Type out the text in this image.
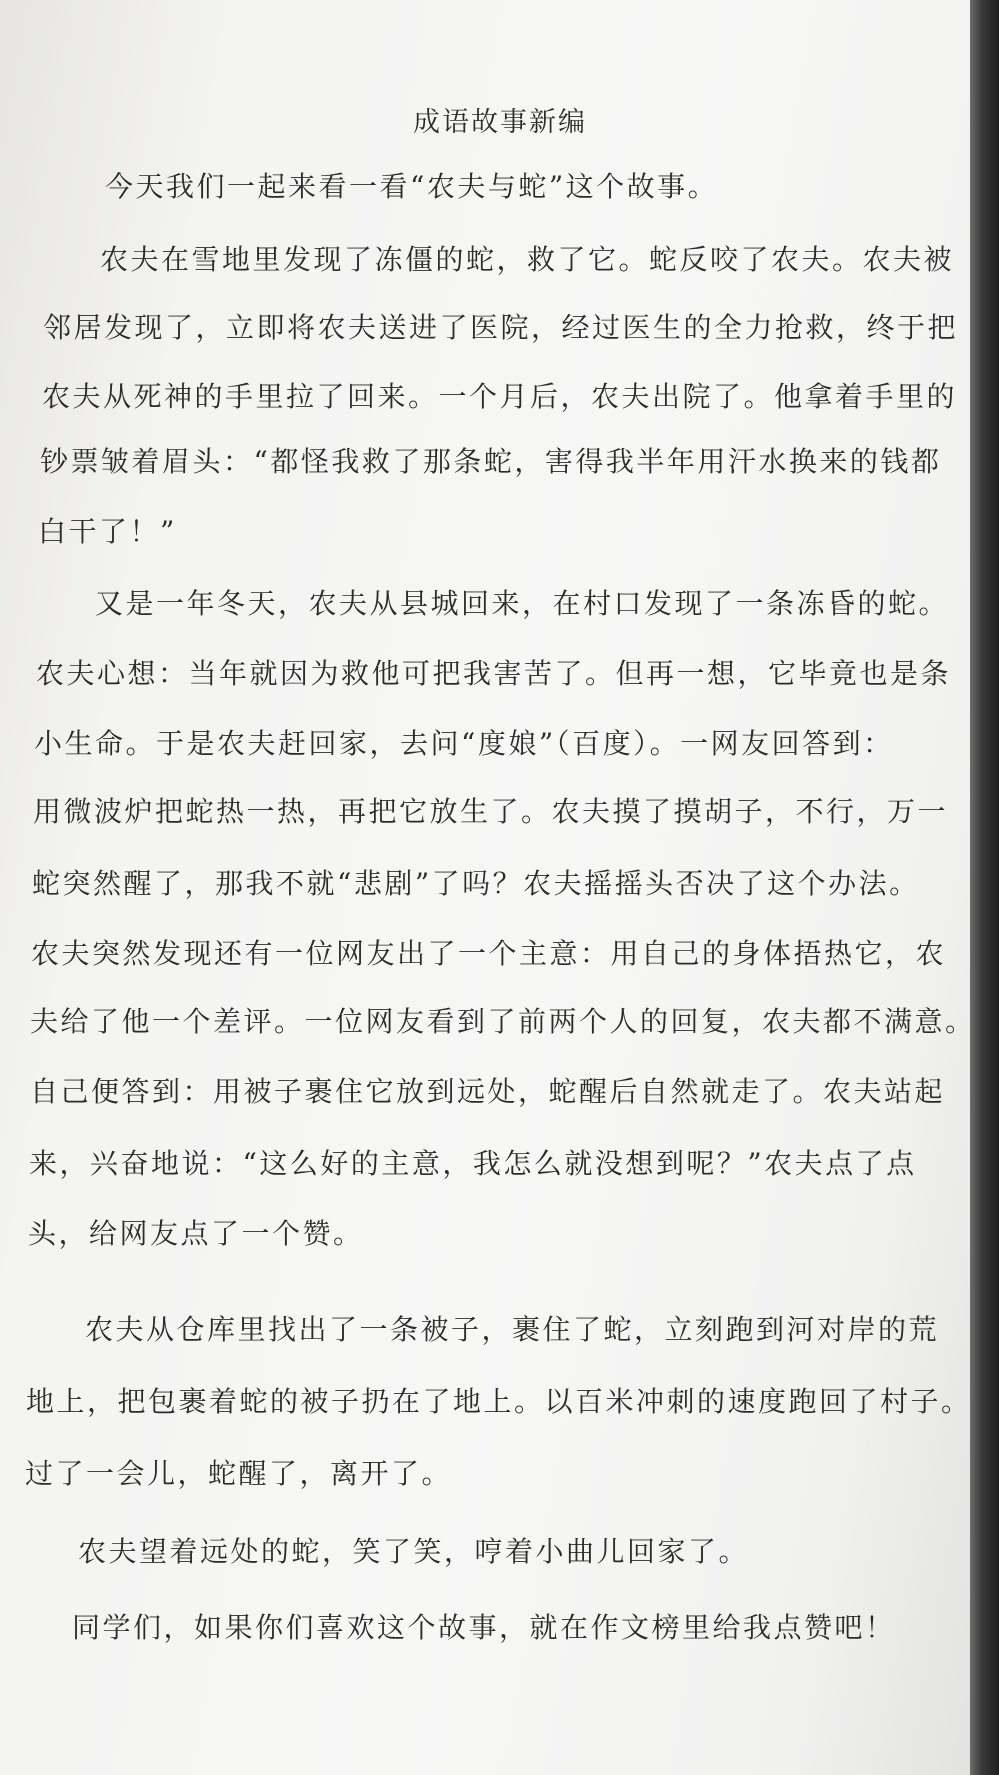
成语故事新编
今天我们一起来看一看“农夫与蛇”这个故事。
农夫在雪地里发现了冻僵的蛇，救了它。蛇反咬了农夫。农夫被
邻居发现了，立即将农夫送进了医院，经过医生的全力抢救，终于把
农夫从死神的手里拉了回来。一个月后，农夫出院了。他拿着手里的
钞票皱着眉头：“都怪我救了那条蛇，害得我半年用汗水换来的钱都
白干了！”
又是一年冬天，农夫从县城回来，在村口发现了一条冻昏的蛇。
农夫心想：当年就因为救他可把我害苦了。但再一想，它毕竟也是条
小生命。于是农夫赶回家，去问“度娘”（百度）。一网友回答到：
用微波炉把蛇热一热，再把它放生了。农夫摸了摸胡子，不行，万一
蛇突然醒了，那我不就“悲剧”了吗？农夫摇摇头否决了这个办法。
农夫突然发现还有一位网友出了一个主意：用自己的身体捂热它，农
夫给了他一个差评。一位网友看到了前两个人的回复，农夫都不满意。
自己便答到：用被子裹住它放到远处，蛇醒后自然就走了。农夫站起
来，兴奋地说：“这么好的主意，我怎么就没想到呢？”农夫点了点
头，给网友点了一个赞。
农夫从仓库里找出了一条被子，裹住了蛇，立刻跑到河对岸的荒
地上，把包裹着蛇的被子扔在了地上。以百米冲刺的速度跑回了村子。
过了一会儿，蛇醒了，离开了。
农夫望着远处的蛇，笑了笑，哼着小曲儿回家了。
同学们，如果你们喜欢这个故事，就在作文榜里给我点赞吧！
